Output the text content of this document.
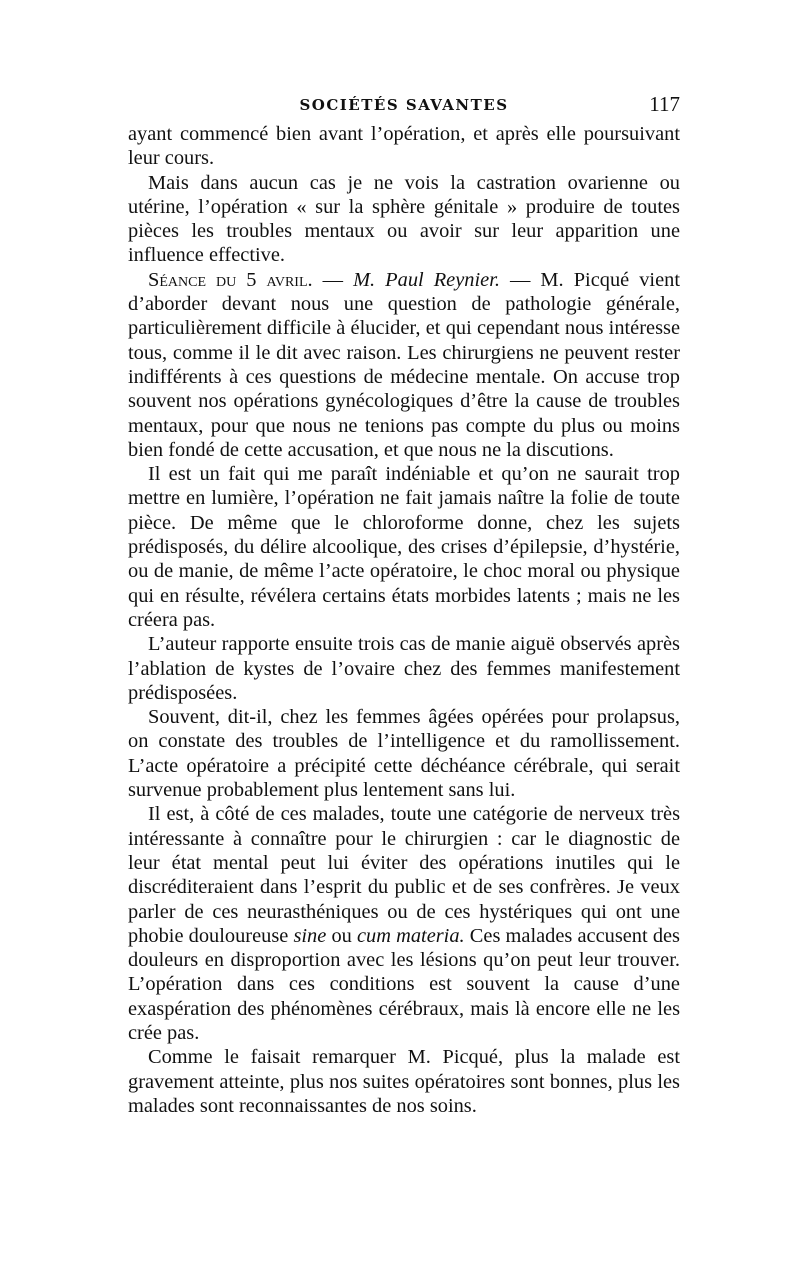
SOCIÉTÉS SAVANTES	117

ayant commencé bien avant l’opération, et après elle poursuivant leur cours.

Mais dans aucun cas je ne vois la castration ovarienne ou utérine, l’opération « sur la sphère génitale » produire de toutes pièces les troubles mentaux ou avoir sur leur apparition une influence effective.

Séance du 5 avril. — M. Paul Reynier. — M. Picqué vient d’aborder devant nous une question de pathologie générale, particulièrement difficile à élucider, et qui cependant nous intéresse tous, comme il le dit avec raison. Les chirurgiens ne peuvent rester indifférents à ces questions de médecine mentale. On accuse trop souvent nos opérations gynécologiques d’être la cause de troubles mentaux, pour que nous ne tenions pas compte du plus ou moins bien fondé de cette accusation, et que nous ne la discutions.

Il est un fait qui me paraît indéniable et qu’on ne saurait trop mettre en lumière, l’opération ne fait jamais naître la folie de toute pièce. De même que le chloroforme donne, chez les sujets prédisposés, du délire alcoolique, des crises d’épilepsie, d’hystérie, ou de manie, de même l’acte opératoire, le choc moral ou physique qui en résulte, révélera certains états morbides latents ; mais ne les créera pas.

L’auteur rapporte ensuite trois cas de manie aiguë observés après l’ablation de kystes de l’ovaire chez des femmes manifestement prédisposées.

Souvent, dit-il, chez les femmes âgées opérées pour prolapsus, on constate des troubles de l’intelligence et du ramollissement. L’acte opératoire a précipité cette déchéance cérébrale, qui serait survenue probablement plus lentement sans lui.

Il est, à côté de ces malades, toute une catégorie de nerveux très intéressante à connaître pour le chirurgien : car le diagnostic de leur état mental peut lui éviter des opérations inutiles qui le discréditeraient dans l’esprit du public et de ses confrères. Je veux parler de ces neurasthéniques ou de ces hystériques qui ont une phobie douloureuse sine ou cum materia. Ces malades accusent des douleurs en disproportion avec les lésions qu’on peut leur trouver. L’opération dans ces conditions est souvent la cause d’une exaspération des phénomènes cérébraux, mais là encore elle ne les crée pas.

Comme le faisait remarquer M. Picqué, plus la malade est gravement atteinte, plus nos suites opératoires sont bonnes, plus les malades sont reconnaissantes de nos soins.
